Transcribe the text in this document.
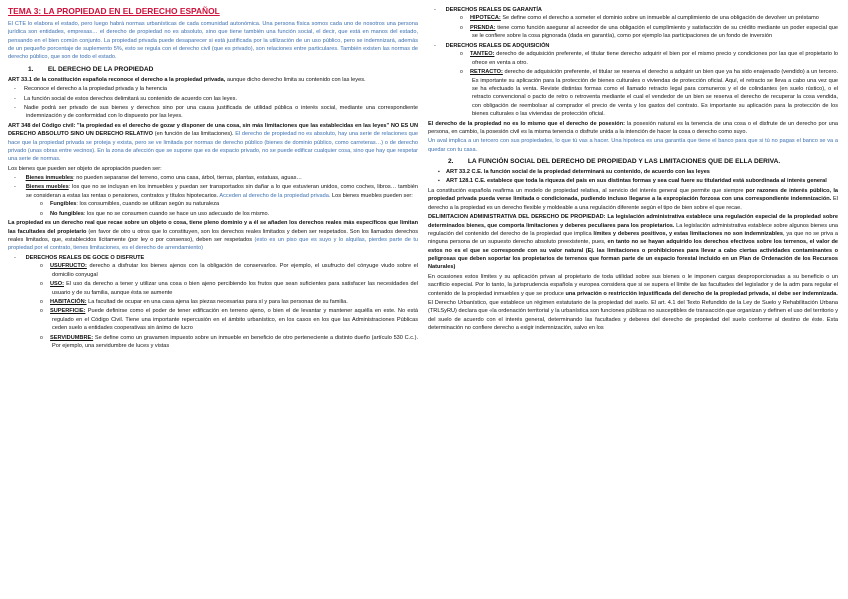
TEMA 3: LA PROPIEDAD EN EL DERECHO ESPAÑOL

El CTE lo elabora el estado, pero luego habrá normas urbanísticas de cada comunidad autonómica. Una persona física somos cada uno de nosotros una persona jurídica son entidades, empresas… el derecho de propiedad no es absoluto, sino que tiene también una función social, el decir, que está en manos del estado, pensando en el bien común conjunto. La propiedad privada puede desaparecer si está justificada por la utilización de un uso público, pero se indemnizará, además de un pequeño porcentaje de suplemento 5%, esto se regula con el derecho civil (que es privado), son relaciones entre particulares. También existen las normas de derecho público, que son de todo el estado.

1. EL DERECHO DE LA PROPIEDAD

ART 33.1 de la constitución española reconoce el derecho a la propiedad privada, aunque dicho derecho limita su contenido con las leyes.

- Reconoce el derecho a la propiedad privada y la herencia
- La función social de estos derechos delimitará su contenido de acuerdo con las leyes.
- Nadie podrá ser privado de sus bienes y derechos sino por una causa justificada de utilidad pública o interés social, mediante una correspondiente indemnización y de conformidad con lo dispuesto por las leyes.

ART 348 del Código civil: "la propiedad es el derecho de gozar y disponer de una cosa, sin más limitaciones que las establecidas en las leyes" NO ES UN DERECHO ABSOLUTO SINO UN DERECHO RELATIVO (en función de las limitaciones). El derecho de propiedad no es absoluto, hay una serie de relaciones que hace que la propiedad privada se proteja y exista, pero se ve limitada por normas de derecho público (bienes de dominio público, como carreteras…) o de derecho privado (unas obras entre vecinos). En la zona de afección que se supone que es de espacio privado, no se puede edificar cualquier cosa, sino que hay que respetar una serie de normas.

Los bienes que pueden ser objeto de apropiación pueden ser:

- Bienes inmuebles: no pueden separarse del terreno, como una casa, árbol, tierras, plantas, estatuas, aguas…
- Bienes muebles: los que no se incluyan en los inmuebles y puedan ser transportados sin dañar a lo que estuvieran unidos, como coches, libros… también se consideran a estas las rentas o pensiones, contratos y títulos hipotecarios. Acceden al derecho de la propiedad privada. Los bienes muebles pueden ser:
o Fungibles: los consumibles, cuando se utilizan según su naturaleza
o No fungibles: los que no se consumen cuando se hace un uso adecuado de los mismo.

La propiedad es un derecho real que recae sobre un objeto o cosa, tiene pleno dominio y a él se añaden los derechos reales más específicos que limitan las facultades del propietario (en favor de otro u otros que lo constituyen, son los derechos reales limitados y deben ser respetados. Son los llamados derechos reales limitados, que, establecidos lícitamente (por ley o por consenso), deben ser respetados (esto es un piso que es suyo y lo alquilas, pierdes parte de tu propiedad por el contrato, tienes limitaciones, es el derecho de arrendamiento)

- DERECHOS REALES DE GOCE O DISFRUTE
o USUFRUCTO: derecho a disfrutar los bienes ajenos con la obligación de conservarlos. Por ejemplo, el usufructo del cónyuge viudo sobre el domicilio conyugal
o USO: El uso da derecho a tener y utilizar una cosa o bien ajeno percibiendo los frutos que sean suficientes para satisfacer las necesidades del usuario y de su familia, aunque ésta se aumente
o HABITACIÓN: La facultad de ocupar en una casa ajena las piezas necesarias para sí y para las personas de su familia.
o SUPERFICIE: Puede definirse como el poder de tener edificación en terreno ajeno, o bien el de levantar y mantener aquélla en este. No está regulado en el Código Civil. Tiene una importante repercusión en el ámbito urbanístico, en los casos en los que las Administraciones Públicas ceden suelo a entidades cooperativas sin ánimo de lucro
o SERVIDUMBRE: Se define como un gravamen impuesto sobre un inmueble en beneficio de otro perteneciente a distinto dueño (artículo 530 C.c.). Por ejemplo, una servidumbre de luces y vistas
- DERECHOS REALES DE GARANTÍA
o HIPOTECA: Se define como el derecho a someter el dominio sobre un inmueble al cumplimiento de una obligación de devolver un préstamo
o PRENDA: tiene como función asegurar al acreedor de una obligación el cumplimiento y satisfacción de su crédito mediante un poder especial que se le confiere sobre la cosa pignorada (dada en garantía), como por ejemplo las participaciones de un fondo de inversión
- DERECHOS REALES DE ADQUISICIÓN
o TANTEO: derecho de adquisición preferente, el titular tiene derecho adquirir el bien por el mismo precio y condiciones por las que el propietario lo ofrece en venta a otro.
o RETRACTO: derecho de adquisición preferente, el titular se reserva el derecho a adquirir un bien que ya ha sido enajenado (vendido) a un tercero. Es importante su aplicación para la protección de bienes culturales o viviendas de protección oficial. Aquí, el retracto se lleva a cabo una vez que se ha efectuado la venta. Reviste distintas formas como el llamado retracto legal para comuneros y el de colindantes (en suelo rústico), o el retracto convencional o pacto de retro o retroventa mediante el cual el vendedor de un bien se reserva el derecho de recuperar la cosa vendida, con obligación de reembolsar al comprador el precio de venta y los gastos del contrato. Es importante su aplicación para la protección de los bienes culturales o las viviendas de protección oficial.

El derecho de la propiedad no es lo mismo que el derecho de posesión: la posesión natural es la tenencia de una cosa o el disfrute de un derecho por una persona, en cambio, la posesión civil es la misma tenencia o disfrute unida a la intención de hacer la cosa o derecho como suyo.

Un aval implica a un tercero con sus propiedades, lo que tú vas a hacer. Una hipoteca es una garantía que tiene el banco para que si tú no pagas el banco se va a quedar con tu casa.

2. LA FUNCIÓN SOCIAL DEL DERECHO DE PROPIEDAD Y LAS LIMITACIONES QUE DE ELLA DERIVA.
▪ ART 33.2 C.E. la función social de la propiedad determinará su contenido, de acuerdo con las leyes
▪ ART 128.1 C.E. establece que toda la riqueza del país en sus distintas formas y sea cual fuere su titularidad está subordinada al interés general

La constitución española reafirma un modelo de propiedad relativa, al servicio del interés general que permite que siempre por razones de interés público, la propiedad privada pueda verse limitada o condicionada, pudiendo incluso llegarse a la expropiación forzosa con una correspondiente indemnización. El derecho a la propiedad es un derecho flexible y moldeable a una regulación diferente según el tipo de bien sobre el que recae.

DELIMITACION ADMINISTRATIVA DEL DERECHO DE PROPIEDAD: La legislación administrativa establece una regulación especial de la propiedad sobre determinados bienes, que comporta limitaciones y deberes peculiares para los propietarios. La legislación administrativa establece sobre algunos bienes una regulación del contenido del derecho de la propiedad que implica límites y deberes positivos, y estas limitaciones no son indemnizables, ya que no se priva a ninguna persona de un supuesto derecho absoluto preexistente, pues, en tanto no se hayan adquirido los derechos efectivos sobre los terrenos, el valor de estos no es el que se corresponde con su valor natural (Ej. las limitaciones o prohibiciones para llevar a cabo ciertas actividades contaminantes o peligrosas que deben soportar los propietarios de terrenos que forman parte de un espacio forestal incluido en un Plan de Ordenación de los Recursos Naturales)

En ocasiones estos límites y su aplicación privan al propietario de toda utilidad sobre sus bienes o le imponen cargas desproporcionadas a su beneficio o un sacrificio especial. Por lo tanto, la jurisprudencia española y europea considera que si se supera el límite de las facultades del legislador y de la adm para regular el contenido de la propiedad inmuebles y que se produce una privación o restricción injustificada del derecho de la propiedad privada, sí debe ser indemnizada.

El Derecho Urbanístico, que establece un régimen estatutario de la propiedad del suelo. El art. 4.1 del Texto Refundido de la Ley de Suelo y Rehabilitación Urbana (TRLSyRU) declara que «la ordenación territorial y la urbanística son funciones públicas no susceptibles de transacción que organizan y definen el uso del territorio y del suelo de acuerdo con el interés general, determinando las facultades y deberes del derecho de propiedad del suelo conforme al destino de éste. Esta determinación no confiere derecho a exigir indemnización, salvo en los
